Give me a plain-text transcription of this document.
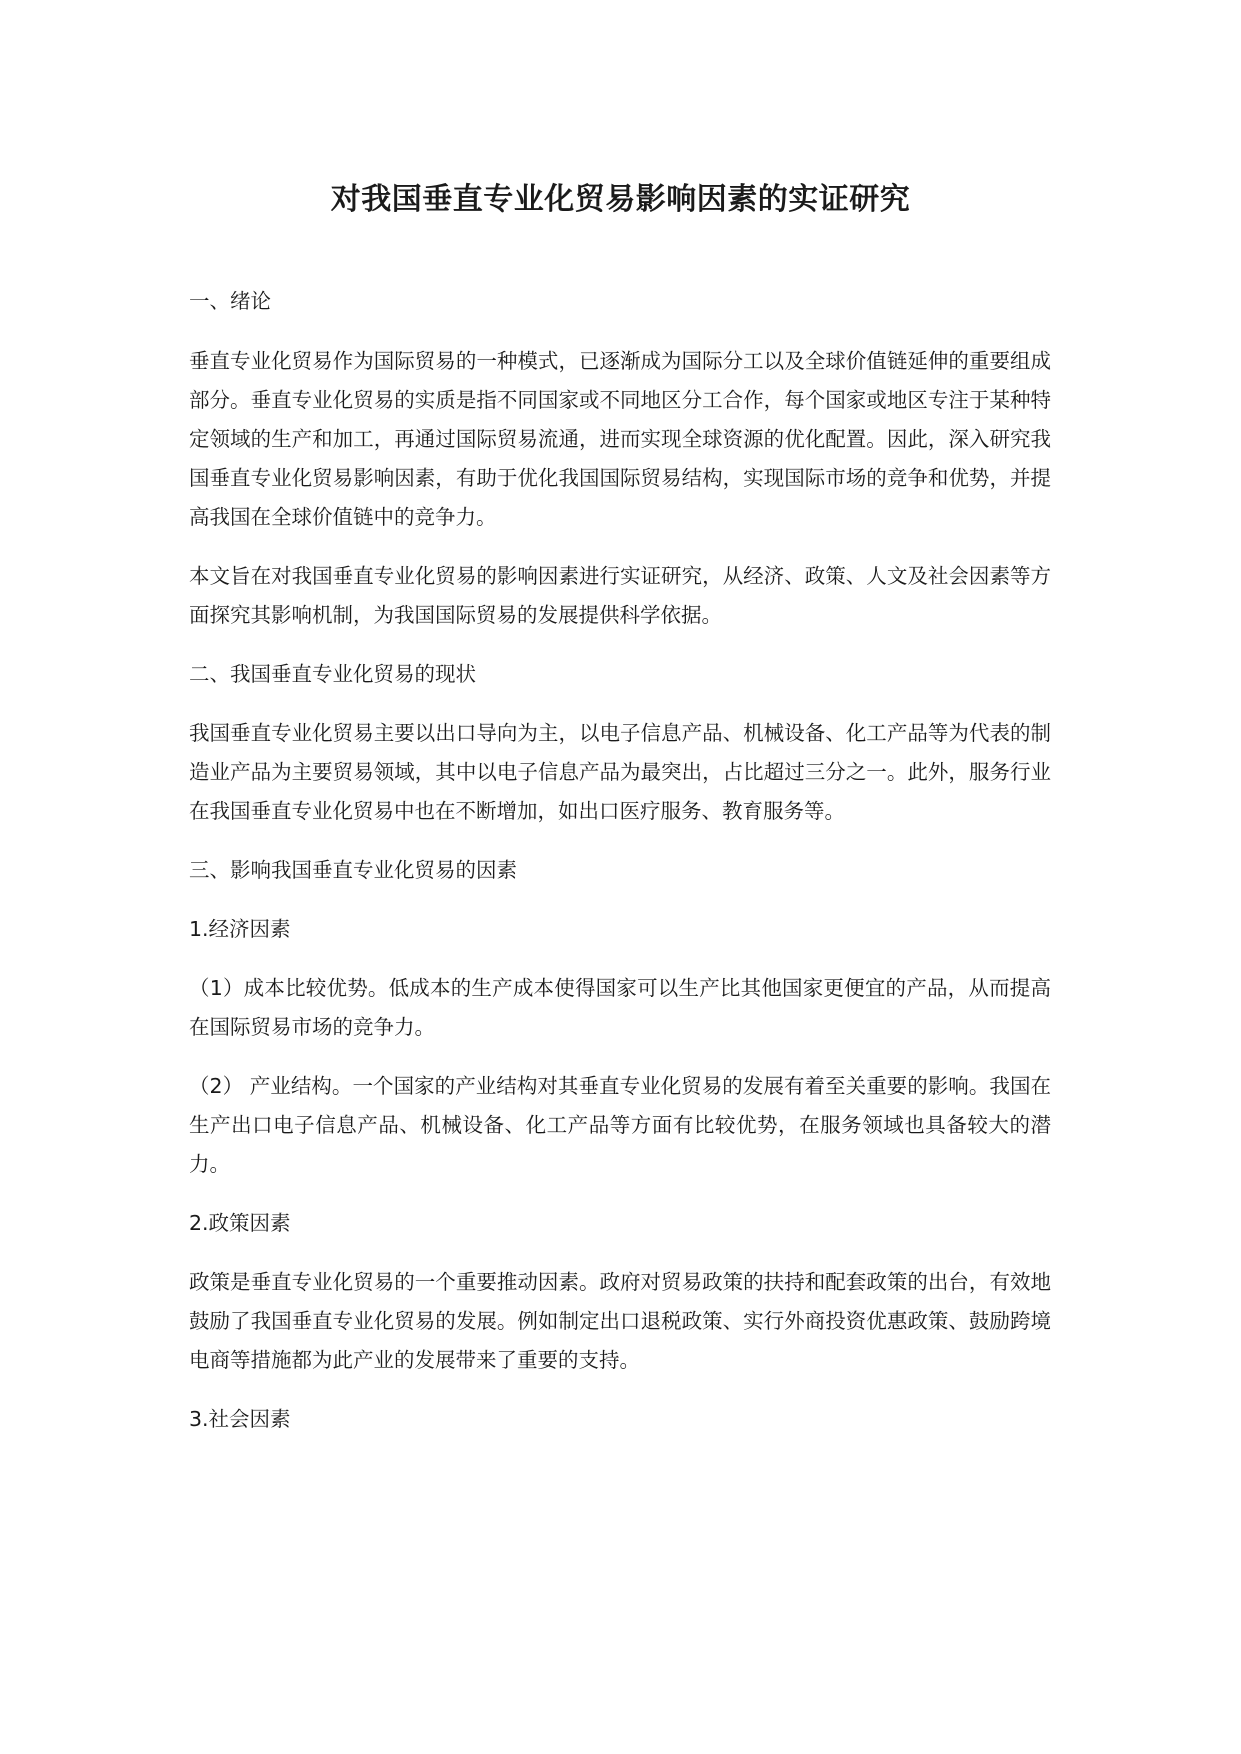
对我国垂直专业化贸易影响因素的实证研究

一、绪论

垂直专业化贸易作为国际贸易的一种模式，已逐渐成为国际分工以及全球价值链延伸的重要组成部分。垂直专业化贸易的实质是指不同国家或不同地区分工合作，每个国家或地区专注于某种特定领域的生产和加工，再通过国际贸易流通，进而实现全球资源的优化配置。因此，深入研究我国垂直专业化贸易影响因素，有助于优化我国国际贸易结构，实现国际市场的竞争和优势，并提高我国在全球价值链中的竞争力。

本文旨在对我国垂直专业化贸易的影响因素进行实证研究，从经济、政策、人文及社会因素等方面探究其影响机制，为我国国际贸易的发展提供科学依据。

二、我国垂直专业化贸易的现状

我国垂直专业化贸易主要以出口导向为主，以电子信息产品、机械设备、化工产品等为代表的制造业产品为主要贸易领域，其中以电子信息产品为最突出，占比超过三分之一。此外，服务行业在我国垂直专业化贸易中也在不断增加，如出口医疗服务、教育服务等。

三、影响我国垂直专业化贸易的因素

1.经济因素

（1）成本比较优势。低成本的生产成本使得国家可以生产比其他国家更便宜的产品，从而提高在国际贸易市场的竞争力。

（2） 产业结构。一个国家的产业结构对其垂直专业化贸易的发展有着至关重要的影响。我国在生产出口电子信息产品、机械设备、化工产品等方面有比较优势，在服务领域也具备较大的潜力。

2.政策因素

政策是垂直专业化贸易的一个重要推动因素。政府对贸易政策的扶持和配套政策的出台，有效地鼓励了我国垂直专业化贸易的发展。例如制定出口退税政策、实行外商投资优惠政策、鼓励跨境电商等措施都为此产业的发展带来了重要的支持。

3.社会因素
